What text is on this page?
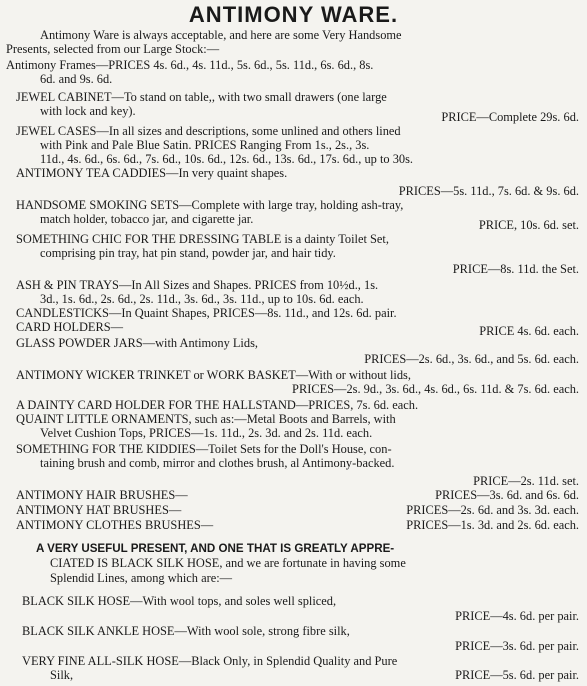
ANTIMONY WARE.
Antimony Ware is always acceptable, and here are some Very Handsome
Presents, selected from our Large Stock:—
Antimony Frames—PRICES 4s. 6d., 4s. 11d., 5s. 6d., 5s. 11d., 6s. 6d., 8s.
6d. and 9s. 6d.
JEWEL CABINET—To stand on table,, with two small drawers (one large
with lock and key).	PRICE—Complete 29s. 6d.
JEWEL CASES—In all sizes and descriptions, some unlined and others lined
with Pink and Pale Blue Satin. PRICES Ranging From 1s., 2s., 3s.
11d., 4s. 6d., 6s. 6d., 7s. 6d., 10s. 6d., 12s. 6d., 13s. 6d., 17s. 6d., up to 30s.
ANTIMONY TEA CADDIES—In very quaint shapes.
PRICES—5s. 11d., 7s. 6d. & 9s. 6d.
HANDSOME SMOKING SETS—Complete with large tray, holding ash-tray,
match holder, tobacco jar, and cigarette jar.	PRICE, 10s. 6d. set.
SOMETHING CHIC FOR THE DRESSING TABLE is a dainty Toilet Set,
comprising pin tray, hat pin stand, powder jar, and hair tidy.
PRICE—8s. 11d. the Set.
ASH & PIN TRAYS—In All Sizes and Shapes. PRICES from 10½d., 1s.
3d., 1s. 6d., 2s. 6d., 2s. 11d., 3s. 6d., 3s. 11d., up to 10s. 6d. each.
CANDLESTICKS—In Quaint Shapes, PRICES—8s. 11d., and 12s. 6d. pair.
CARD HOLDERS—	PRICE 4s. 6d. each.
GLASS POWDER JARS—with Antimony Lids,
PRICES—2s. 6d., 3s. 6d., and 5s. 6d. each.
ANTIMONY WICKER TRINKET or WORK BASKET—With or without lids,
PRICES—2s. 9d., 3s. 6d., 4s. 6d., 6s. 11d. & 7s. 6d. each.
A DAINTY CARD HOLDER FOR THE HALLSTAND—PRICES, 7s. 6d. each.
QUAINT LITTLE ORNAMENTS, such as:—Metal Boots and Barrels, with
Velvet Cushion Tops, PRICES—1s. 11d., 2s. 3d. and 2s. 11d. each.
SOMETHING FOR THE KIDDIES—Toilet Sets for the Doll's House, con-
taining brush and comb, mirror and clothes brush, al Antimony-backed.
PRICE—2s. 11d. set.
ANTIMONY HAIR BRUSHES—	PRICES—3s. 6d. and 6s. 6d.
ANTIMONY HAT BRUSHES—	PRICES—2s. 6d. and 3s. 3d. each.
ANTIMONY CLOTHES BRUSHES—	PRICES—1s. 3d. and 2s. 6d. each.
A VERY USEFUL PRESENT, AND ONE THAT IS GREATLY APPRE-
CIATED IS BLACK SILK HOSE, and we are fortunate in having some
Splendid Lines, among which are:—
BLACK SILK HOSE—With wool tops, and soles well spliced,
PRICE—4s. 6d. per pair.
BLACK SILK ANKLE HOSE—With wool sole, strong fibre silk,
PRICE—3s. 6d. per pair.
VERY FINE ALL-SILK HOSE—Black Only, in Splendid Quality and Pure
Silk,	PRICE—5s. 6d. per pair.
